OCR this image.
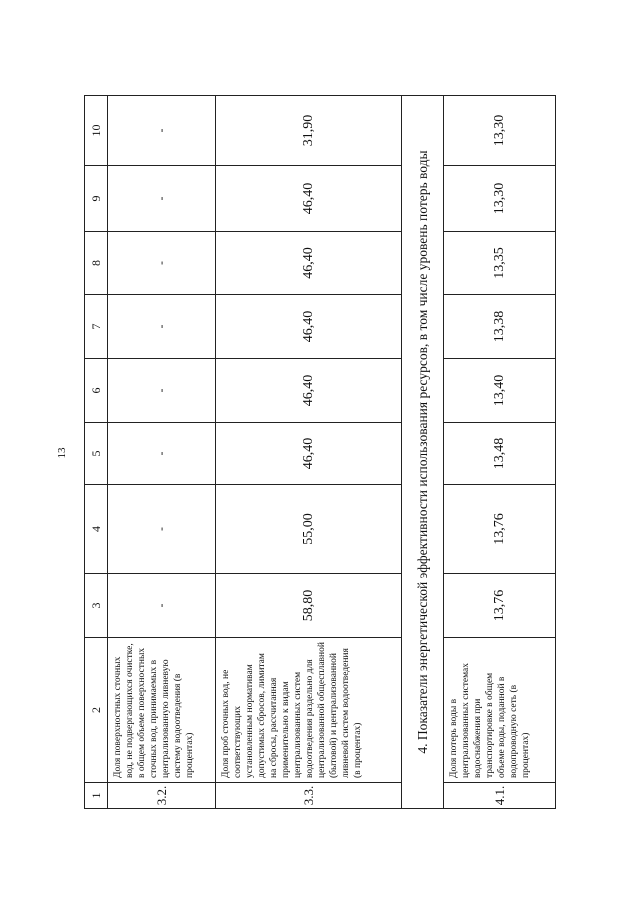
13
1	2	3	4	5	6	7	8	9	10
3.2.	Доля поверхностных сточных вод, не подвергающихся очистке, в общем объеме поверхностных сточных вод, принимаемых в централизованную ливневую систему водоотведения (в процентах)	-	-	-	-	-	-	-	-
3.3.	Доля проб сточных вод, не соответствующих установленным нормативам допустимых сбросов, лимитам на сбросы, рассчитанная применительно к видам централизованных систем водоотведения раздельно для централизованной общесплавной (бытовой) и централизованной ливневой систем водоотведения (в процентах)	58,80	55,00	46,40	46,40	46,40	46,40	46,40	31,90
4. Показатели энергетической эффективности использования ресурсов, в том числе уровень потерь воды									
4.1.	Доля потерь воды в централизованных системах водоснабжения при транспортировке в общем объеме воды, поданной в водопроводную сеть (в процентах)	13,76	13,76	13,48	13,40	13,38	13,35	13,30	13,30
